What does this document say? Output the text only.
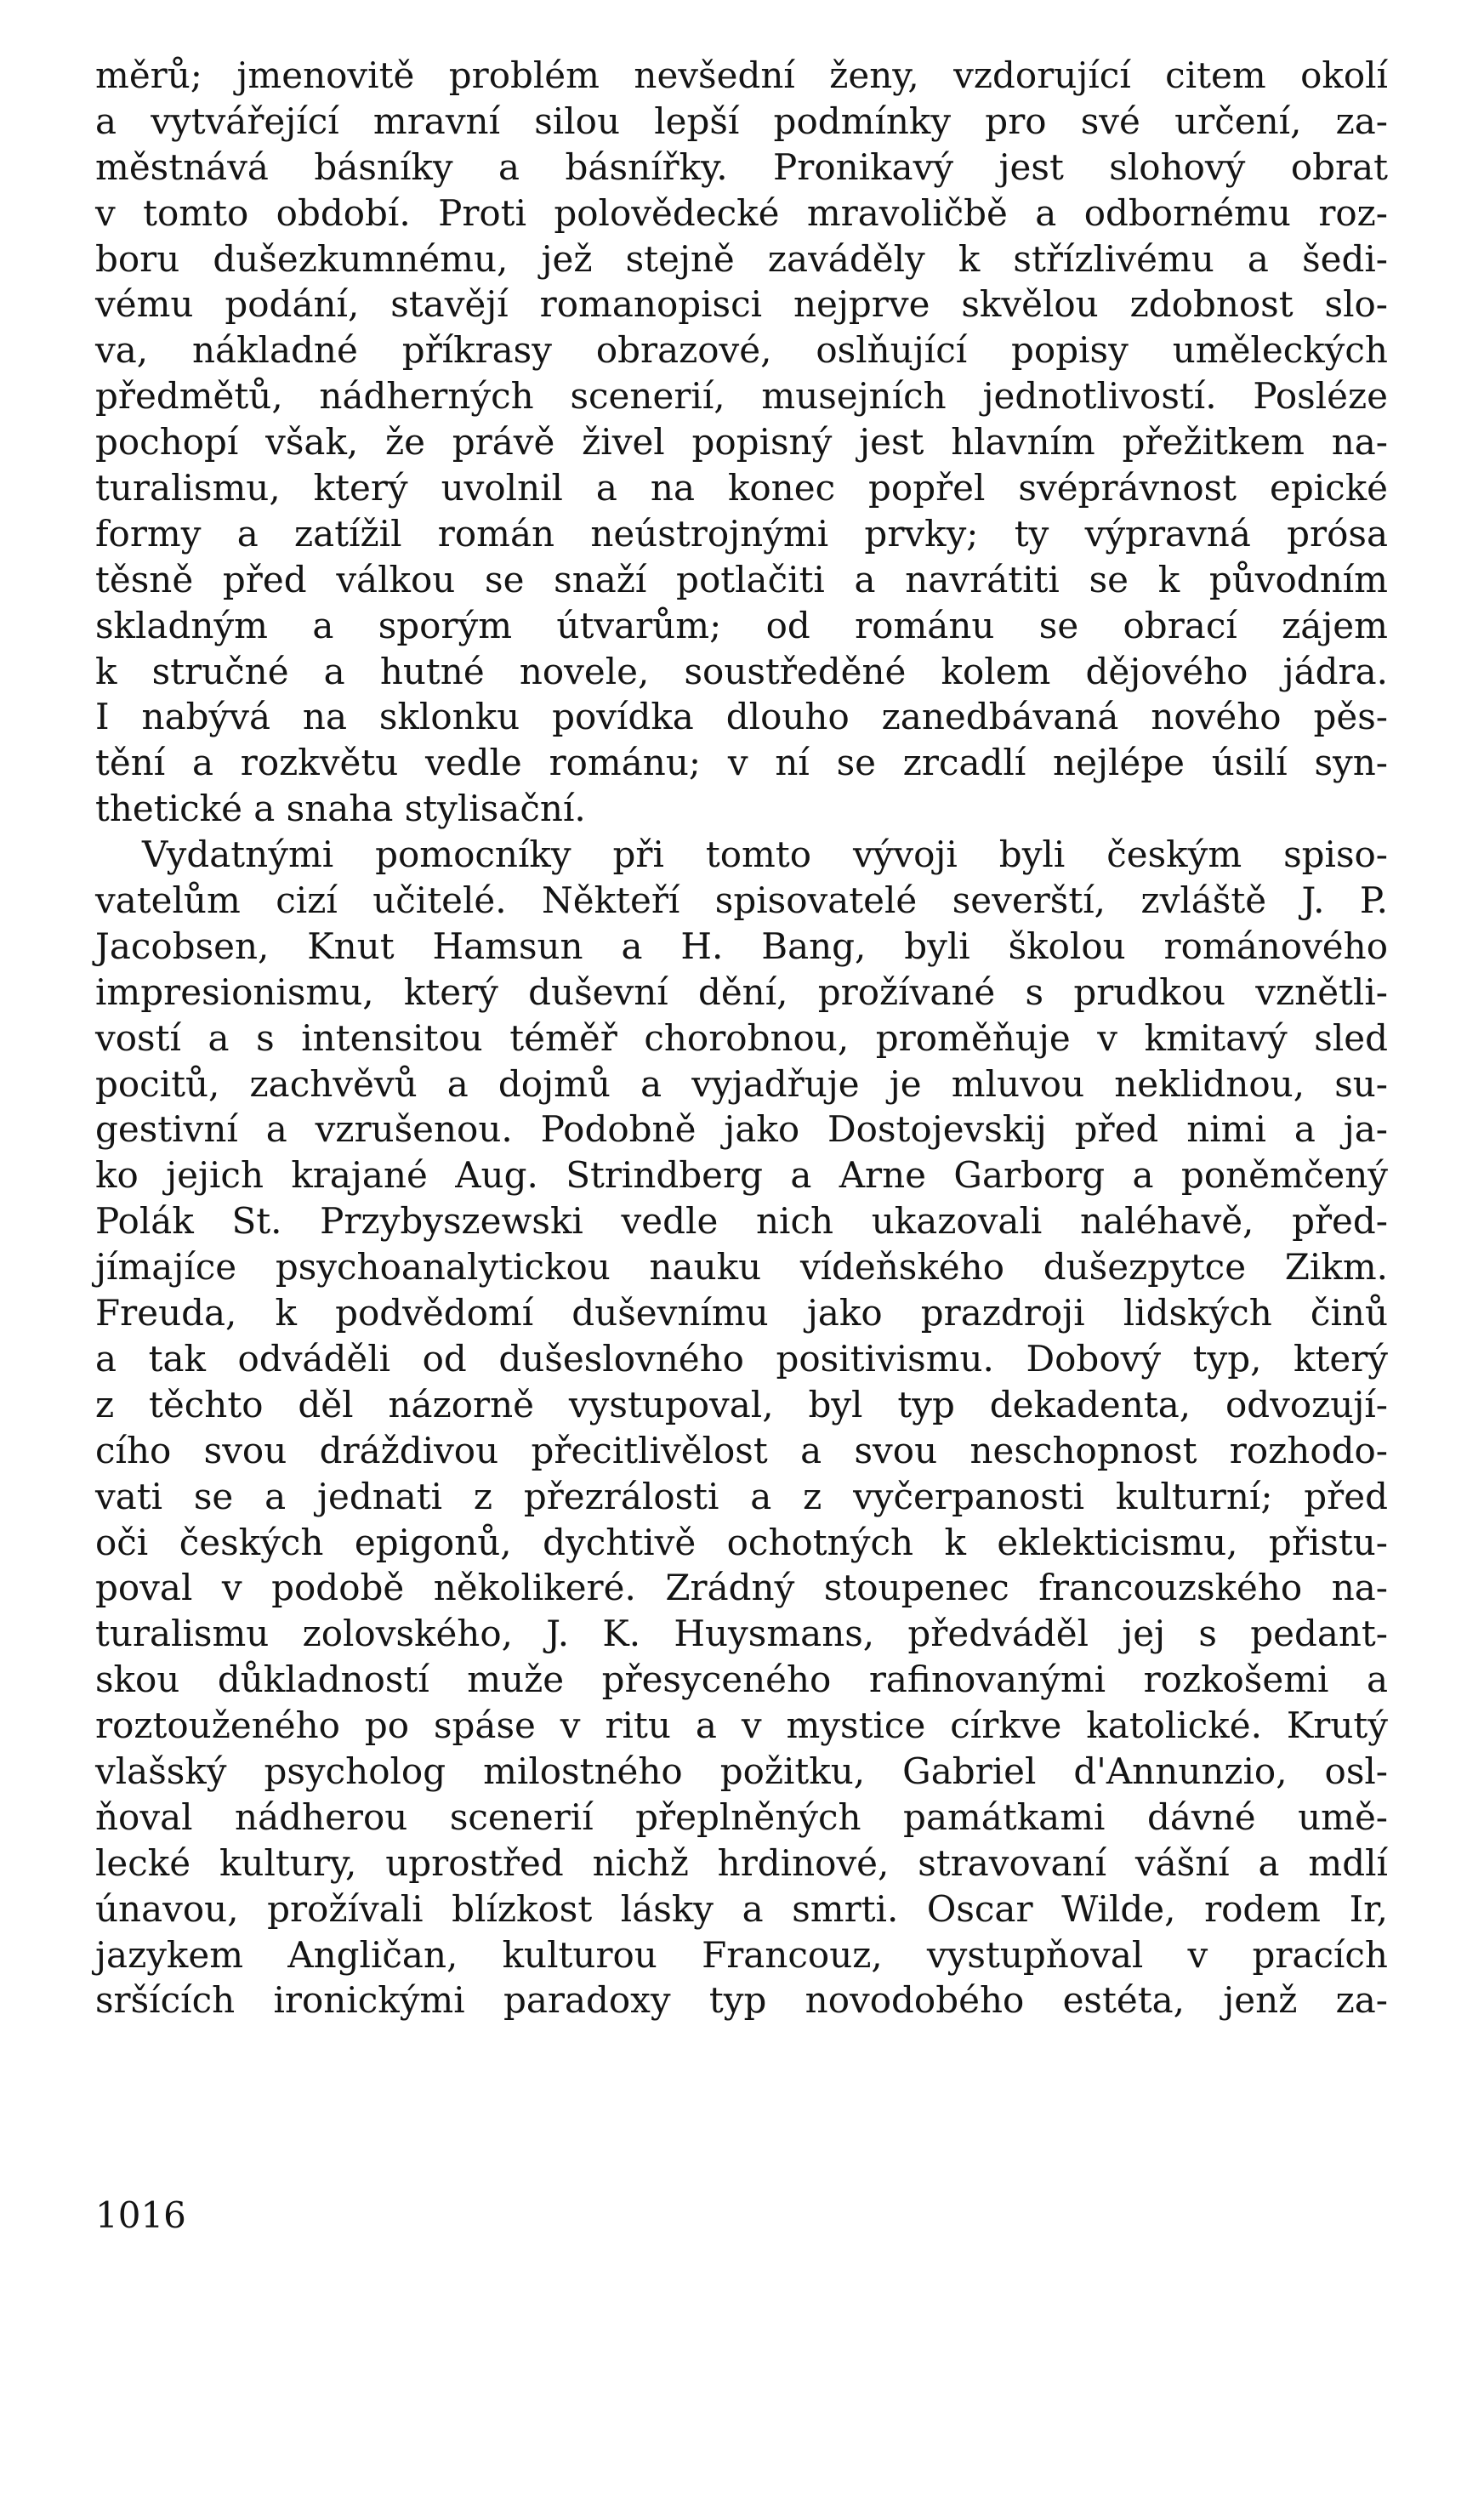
měrů; jmenovitě problém nevšední ženy, vzdorující citem okolí
a vytvářející mravní silou lepší podmínky pro své určení, za-
městnává básníky a básnířky. Pronikavý jest slohový obrat
v tomto období. Proti polovědecké mravoličbě a odbornému roz-
boru dušezkumnému, jež stejně zaváděly k střízlivému a šedi-
vému podání, stavějí romanopisci nejprve skvělou zdobnost slo-
va, nákladné příkrasy obrazové, oslňující popisy uměleckých
předmětů, nádherných scenerií, musejních jednotlivostí. Posléze
pochopí však, že právě živel popisný jest hlavním přežitkem na-
turalismu, který uvolnil a na konec popřel svéprávnost epické
formy a zatížil román neústrojnými prvky; ty výpravná prósa
těsně před válkou se snaží potlačiti a navrátiti se k původním
skladným a sporým útvarům; od románu se obrací zájem
k stručné a hutné novele, soustředěné kolem dějového jádra.
I nabývá na sklonku povídka dlouho zanedbávaná nového pěs-
tění a rozkvětu vedle románu; v ní se zrcadlí nejlépe úsilí syn-
thetické a snaha stylisační.
Vydatnými pomocníky při tomto vývoji byli českým spiso-
vatelům cizí učitelé. Někteří spisovatelé severští, zvláště J. P.
Jacobsen, Knut Hamsun a H. Bang, byli školou románového
impresionismu, který duševní dění, prožívané s prudkou vznětli-
vostí a s intensitou téměř chorobnou, proměňuje v kmitavý sled
pocitů, zachvěvů a dojmů a vyjadřuje je mluvou neklidnou, su-
gestivní a vzrušenou. Podobně jako Dostojevskij před nimi a ja-
ko jejich krajané Aug. Strindberg a Arne Garborg a poněmčený
Polák St. Przybyszewski vedle nich ukazovali naléhavě, před-
jímajíce psychoanalytickou nauku vídeňského dušezpytce Zikm.
Freuda, k podvědomí duševnímu jako prazdroji lidských činů
a tak odváděli od dušeslovného positivismu. Dobový typ, který
z těchto děl názorně vystupoval, byl typ dekadenta, odvozují-
cího svou dráždivou přecitlivělost a svou neschopnost rozhodo-
vati se a jednati z přezrálosti a z vyčerpanosti kulturní; před
oči českých epigonů, dychtivě ochotných k eklekticismu, přistu-
poval v podobě několikeré. Zrádný stoupenec francouzského na-
turalismu zolovského, J. K. Huysmans, předváděl jej s pedant-
skou důkladností muže přesyceného rafinovanými rozkošemi a
roztouženého po spáse v ritu a v mystice církve katolické. Krutý
vlašský psycholog milostného požitku, Gabriel d'Annunzio, osl-
ňoval nádherou scenerií přeplněných památkami dávné umě-
lecké kultury, uprostřed nichž hrdinové, stravovaní vášní a mdlí
únavou, prožívali blízkost lásky a smrti. Oscar Wilde, rodem Ir,
jazykem Angličan, kulturou Francouz, vystupňoval v pracích
sršících ironickými paradoxy typ novodobého estéta, jenž za-
1016
